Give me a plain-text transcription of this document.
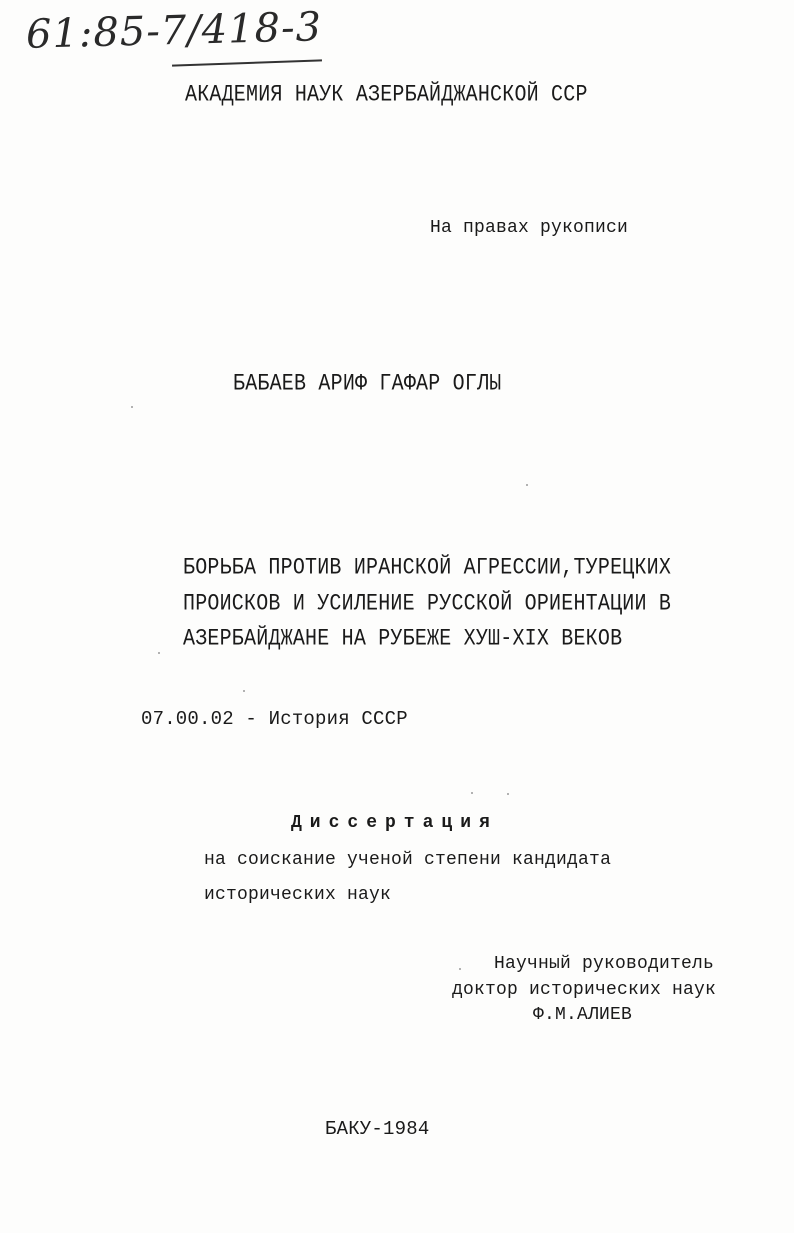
61:85-7/418-3
АКАДЕМИЯ НАУК АЗЕРБАЙДЖАНСКОЙ ССР
На правах рукописи
БАБАЕВ АРИФ ГАФАР ОГЛЫ
БОРЬБА ПРОТИВ ИРАНСКОЙ АГРЕССИИ,ТУРЕЦКИХ
ПРОИСКОВ И УСИЛЕНИЕ РУССКОЙ ОРИЕНТАЦИИ В
АЗЕРБАЙДЖАНЕ НА РУБЕЖЕ ХУШ-XIX ВЕКОВ
07.00.02 - История СССР
Диссертация
на соискание ученой степени кандидата
исторических наук
Научный руководитель
доктор исторических наук
Ф.М.АЛИЕВ
БАКУ-1984
